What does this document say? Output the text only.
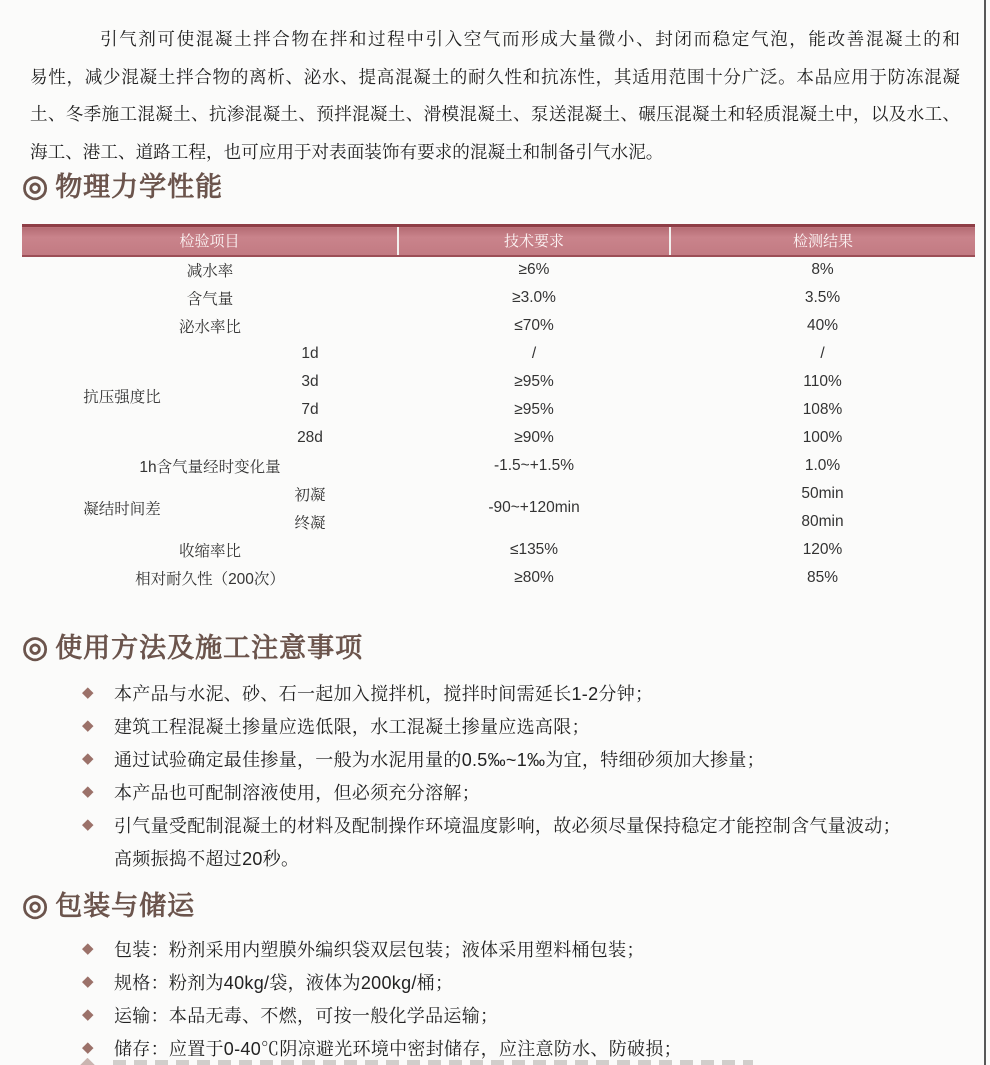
引气剂可使混凝土拌合物在拌和过程中引入空气而形成大量微小、封闭而稳定气泡，能改善混凝土的和
易性，减少混凝土拌合物的离析、泌水、提高混凝土的耐久性和抗冻性，其适用范围十分广泛。本品应用于防冻混凝
土、冬季施工混凝土、抗渗混凝土、预拌混凝土、滑模混凝土、泵送混凝土、碾压混凝土和轻质混凝土中，以及水工、
海工、港工、道路工程，也可应用于对表面装饰有要求的混凝土和制备引气水泥。
◎ 物理力学性能
检验项目		技术要求	检测结果
减水率		≥6%	8%
含气量		≥3.0%	3.5%
泌水率比		≤70%	40%
抗压强度比	1d	/	/
	3d	≥95%	110%
	7d	≥95%	108%
	28d	≥90%	100%
1h含气量经时变化量		-1.5~+1.5%	1.0%
凝结时间差	初凝	-90~+120min	50min
	终凝		80min
收缩率比		≤135%	120%
相对耐久性（200次）		≥80%	85%
◎ 使用方法及施工注意事项
◆ 本产品与水泥、砂、石一起加入搅拌机，搅拌时间需延长1-2分钟；
◆ 建筑工程混凝土掺量应选低限，水工混凝土掺量应选高限；
◆ 通过试验确定最佳掺量，一般为水泥用量的0.5‰~1‰为宜，特细砂须加大掺量；
◆ 本产品也可配制溶液使用，但必须充分溶解；
◆ 引气量受配制混凝土的材料及配制操作环境温度影响，故必须尽量保持稳定才能控制含气量波动；
高频振捣不超过20秒。
◎ 包装与储运
◆ 包装：粉剂采用内塑膜外编织袋双层包装；液体采用塑料桶包装；
◆ 规格：粉剂为40kg/袋，液体为200kg/桶；
◆ 运输：本品无毒、不燃，可按一般化学品运输；
◆ 储存：应置于0-40℃阴凉避光环境中密封储存，应注意防水、防破损；
